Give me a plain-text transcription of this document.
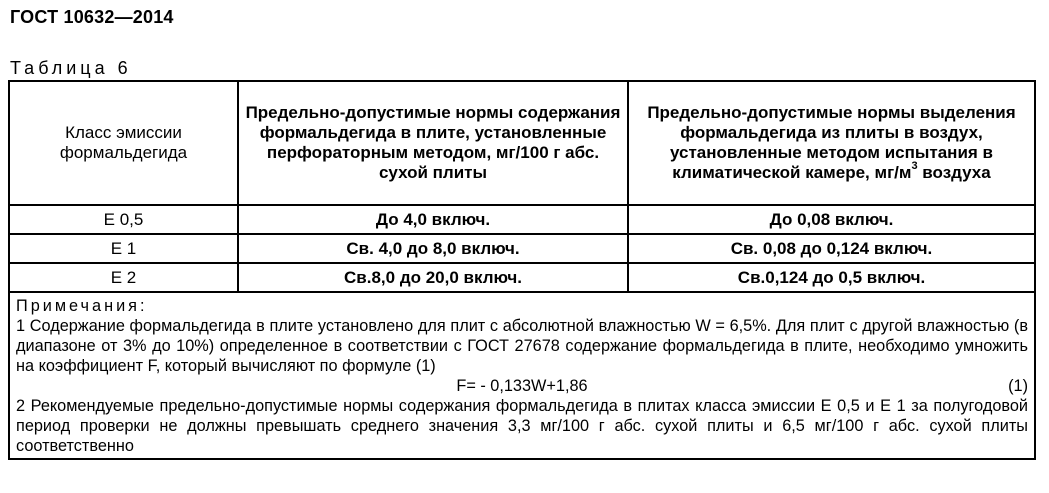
ГОСТ 10632—2014
Таблица 6
Класс эмиссии формальдегида	Предельно-допустимые нормы содержания формальдегида в плите, установленные перфораторным методом, мг/100 г абс. сухой плиты	Предельно-допустимые нормы выделения формальдегида из плиты в воздух, установленные методом испытания в климатической камере, $мг/м^3$ воздуха
Е 0,5	До 4,0 включ.	До 0,08 включ.
Е 1	Св. 4,0 до 8,0 включ.	Св. 0,08 до 0,124 включ.
Е 2	Св.8,0 до 20,0 включ.	Св.0,124 до 0,5 включ.

Примечания:

1 Содержание формальдегида в плите установлено для плит с абсолютной влажностью W = 6,5%. Для плит с другой влажностью (в диапазоне от 3% до 10%) определенное в соответствии с ГОСТ 27678 содержание формальдегида в плите, необходимо умножить на коэффициент F, который вычисляют по формуле (1)

F= - 0,133W+1,86 (1)

2 Рекомендуемые предельно-допустимые нормы содержания формальдегида в плитах класса эмиссии Е 0,5 и Е 1 за полугодовой период проверки не должны превышать среднего значения 3,3 мг/100 г абс. сухой плиты и 6,5 мг/100 г абс. сухой плиты соответственно		
